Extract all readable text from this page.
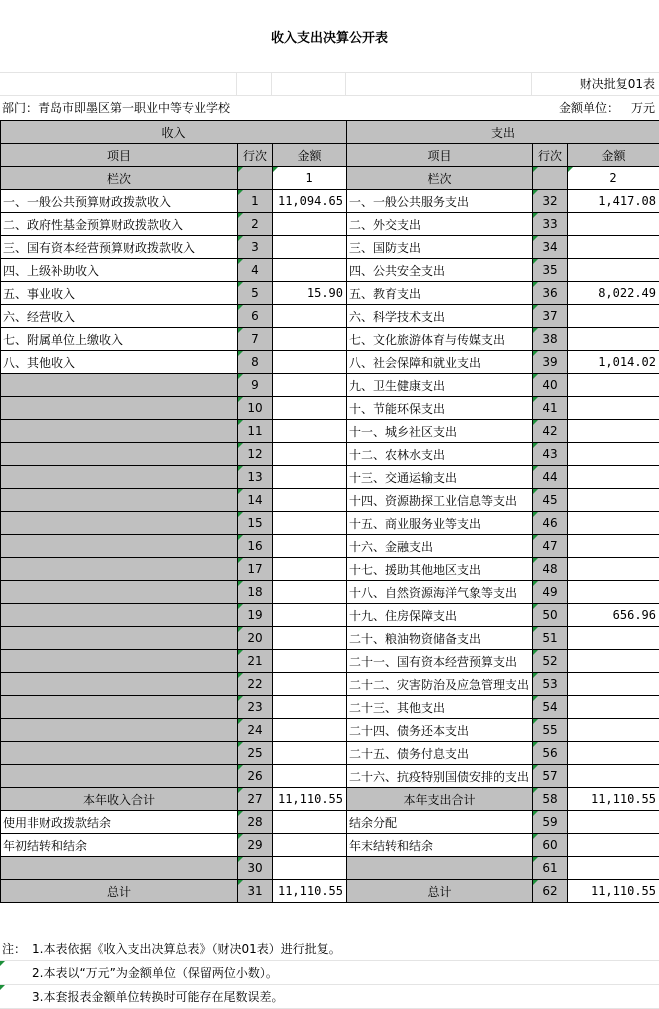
收入支出决算公开表
财决批复01表
部门：青岛市即墨区第一职业中等专业学校	金额单位： 万元
收入			支出		
项目	行次	金额	项目	行次	金额
栏次		1	栏次		2
一、一般公共预算财政拨款收入	1	11,094.65	一、一般公共服务支出	32	1,417.08
二、政府性基金预算财政拨款收入	2		二、外交支出	33	
三、国有资本经营预算财政拨款收入	3		三、国防支出	34	
四、上级补助收入	4		四、公共安全支出	35	
五、事业收入	5	15.90	五、教育支出	36	8,022.49
六、经营收入	6		六、科学技术支出	37	
七、附属单位上缴收入	7		七、文化旅游体育与传媒支出	38	
八、其他收入	8		八、社会保障和就业支出	39	1,014.02
	9		九、卫生健康支出	40	
	10		十、节能环保支出	41	
	11		十一、城乡社区支出	42	
	12		十二、农林水支出	43	
	13		十三、交通运输支出	44	
	14		十四、资源勘探工业信息等支出	45	
	15		十五、商业服务业等支出	46	
	16		十六、金融支出	47	
	17		十七、援助其他地区支出	48	
	18		十八、自然资源海洋气象等支出	49	
	19		十九、住房保障支出	50	656.96
	20		二十、粮油物资储备支出	51	
	21		二十一、国有资本经营预算支出	52	
	22		二十二、灾害防治及应急管理支出	53	
	23		二十三、其他支出	54	
	24		二十四、债务还本支出	55	
	25		二十五、债务付息支出	56	
	26		二十六、抗疫特别国债安排的支出	57	
本年收入合计	27	11,110.55	本年支出合计	58	11,110.55
使用非财政拨款结余	28		结余分配	59	
年初结转和结余	29		年末结转和结余	60	
	30			61	
总计	31	11,110.55	总计	62	11,110.55
注： 1.本表依据《收入支出决算总表》（财决01表）进行批复。
2.本表以“万元”为金额单位（保留两位小数）。
3.本套报表金额单位转换时可能存在尾数误差。
